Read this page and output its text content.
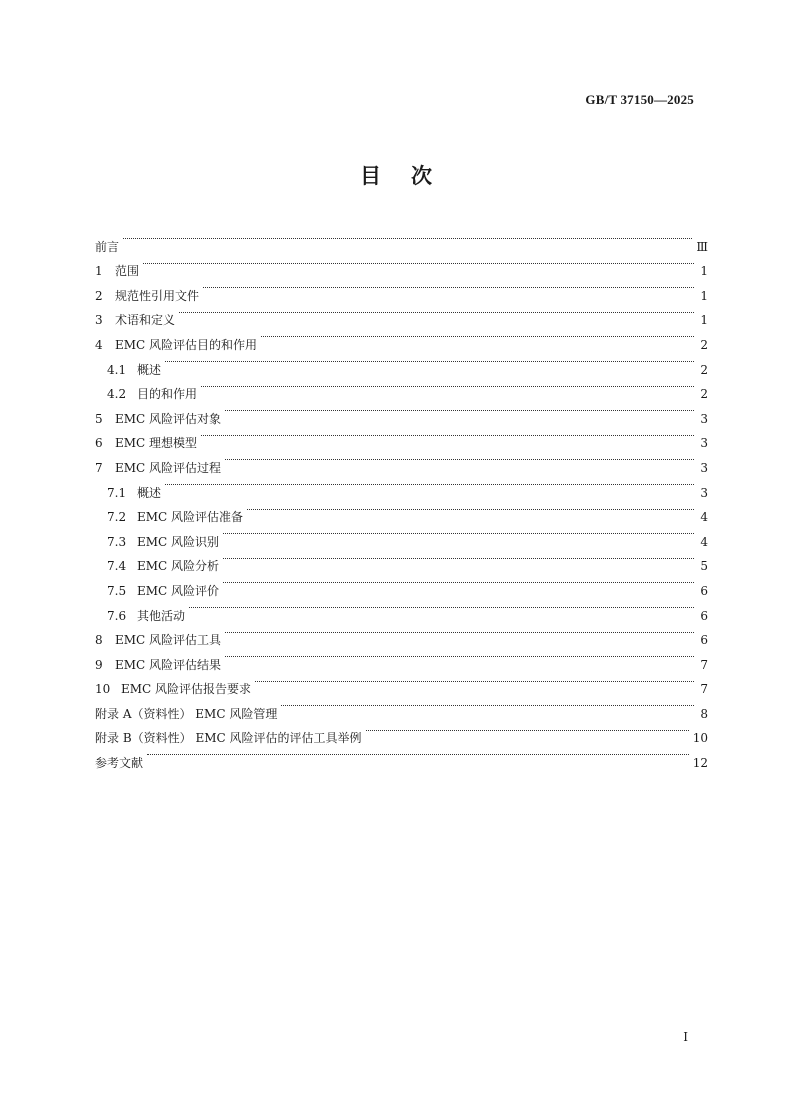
GB/T 37150—2025
目次
前言	Ⅲ
1	范围	1
2	规范性引用文件	1
3	术语和定义	1
4	EMC 风险评估目的和作用	2
4.1 概述	2
4.2 目的和作用	2
5	EMC 风险评估对象	3
6	EMC 理想模型	3
7	EMC 风险评估过程	3
7.1 概述	3
7.2 EMC 风险评估准备	4
7.3 EMC 风险识别	4
7.4 EMC 风险分析	5
7.5 EMC 风险评价	6
7.6 其他活动	6
8	EMC 风险评估工具	6
9	EMC 风险评估结果	7
10 EMC 风险评估报告要求	7
附录 A（资料性） EMC 风险管理	8
附录 B（资料性） EMC 风险评估的评估工具举例	10
参考文献	12
Ⅰ
